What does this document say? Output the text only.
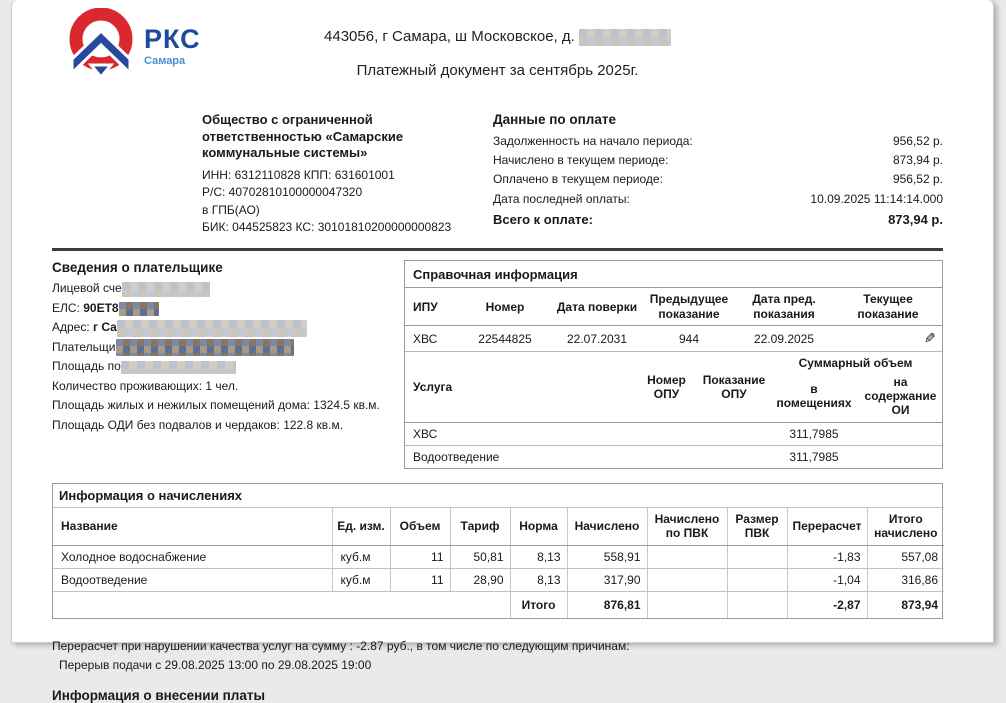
РКС
Самара
443056, г Самара, ш Московское, д.
Платежный документ за сентябрь 2025г.
Общество с ограниченной ответственностью «Самарские коммунальные системы»
ИНН: 6312110828 КПП: 631601001
Р/С: 40702810100000047320
в ГПБ(АО)
БИК: 044525823 КС: 30101810200000000823
Данные по оплате
Задолженность на начало периода:	956,52 р.
Начислено в текущем периоде:	873,94 р.
Оплачено в текущем периоде:	956,52 р.
Дата последней оплаты:	10.09.2025 11:14:14.000
Всего к оплате:	873,94 р.
Сведения о плательщике
Лицевой сче
ЕЛС: 90ET8
Адрес: г Са
Плательщи
Площадь по
Количество проживающих: 1 чел.
Площадь жилых и нежилых помещений дома: 1324.5 кв.м.
Площадь ОДИ без подвалов и чердаков: 122.8 кв.м.
Справочная информация
ИПУ	Номер	Дата поверки	Предыдущее показание	Дата пред. показания	Текущее показание
ХВС	22544825	22.07.2031	944	22.09.2025	✎
Услуга	Номер ОПУ	Показание ОПУ	Суммарный объем	
			в помещениях	на содержание ОИ
ХВС			311,7985	
Водоотведение			311,7985	
Информация о начислениях									
Название	Ед. изм.	Объем	Тариф	Норма	Начислено	Начислено по ПВК	Размер ПВК	Перерасчет	Итого начислено
Холодное водоснабжение	куб.м	11	50,81	8,13	558,91			-1,83	557,08
Водоотведение	куб.м	11	28,90	8,13	317,90			-1,04	316,86
				Итого	876,81			-2,87	873,94
Перерасчет при нарушении качества услуг на сумму : -2.87 руб., в том числе по следующим причинам:
Перерыв подачи с 29.08.2025 13:00 по 29.08.2025 19:00
Информация о внесении платы
